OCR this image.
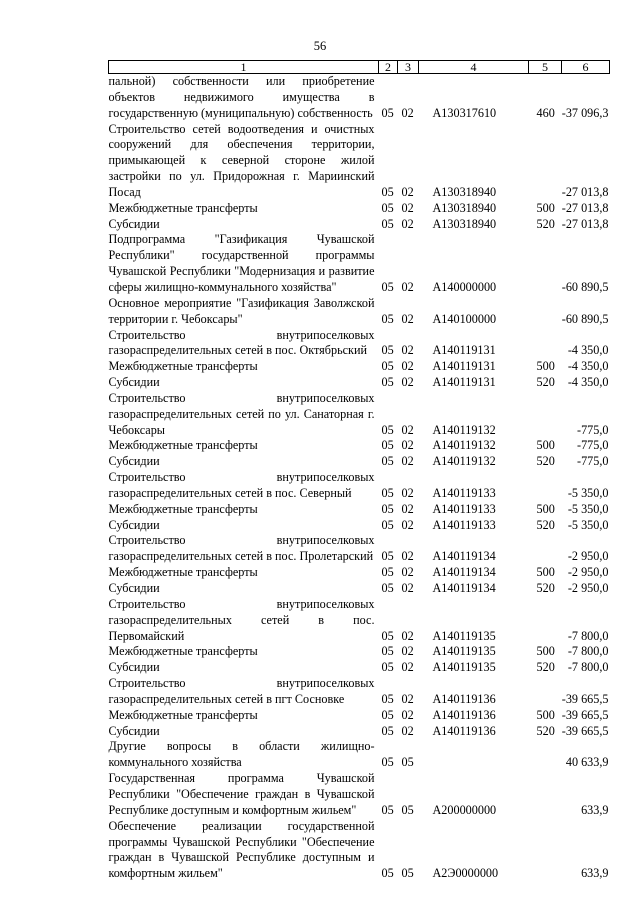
56
1	2	3	4	5	6
пальной) собственности или приобретение объектов недвижимого имущества в государственную (муниципальную) собственность	05	02	А130317610	460	-37 096,3
Строительство сетей водоотведения и очистных сооружений для обеспечения территории, примыкающей к северной стороне жилой застройки по ул. Придорожная г. Мариинский Посад	05	02	А130318940		-27 013,8
Межбюджетные трансферты	05	02	А130318940	500	-27 013,8
Субсидии	05	02	А130318940	520	-27 013,8
Подпрограмма "Газификация Чувашской Республики" государственной программы Чувашской Республики "Модернизация и развитие сферы жилищно-коммунального хозяйства"	05	02	А140000000		-60 890,5
Основное мероприятие "Газификация Заволжской территории г. Чебоксары"	05	02	А140100000		-60 890,5
Строительство внутрипоселковых газораспределительных сетей в пос. Октябрьский	05	02	А140119131		-4 350,0
Межбюджетные трансферты	05	02	А140119131	500	-4 350,0
Субсидии	05	02	А140119131	520	-4 350,0
Строительство внутрипоселковых газораспределительных сетей по ул. Санаторная г. Чебоксары	05	02	А140119132		-775,0
Межбюджетные трансферты	05	02	А140119132	500	-775,0
Субсидии	05	02	А140119132	520	-775,0
Строительство внутрипоселковых газораспределительных сетей в пос. Северный	05	02	А140119133		-5 350,0
Межбюджетные трансферты	05	02	А140119133	500	-5 350,0
Субсидии	05	02	А140119133	520	-5 350,0
Строительство внутрипоселковых газораспределительных сетей в пос. Пролетарский	05	02	А140119134		-2 950,0
Межбюджетные трансферты	05	02	А140119134	500	-2 950,0
Субсидии	05	02	А140119134	520	-2 950,0
Строительство внутрипоселковых газораспределительных сетей в пос. Первомайский	05	02	А140119135		-7 800,0
Межбюджетные трансферты	05	02	А140119135	500	-7 800,0
Субсидии	05	02	А140119135	520	-7 800,0
Строительство внутрипоселковых газораспределительных сетей в пгт Сосновке	05	02	А140119136		-39 665,5
Межбюджетные трансферты	05	02	А140119136	500	-39 665,5
Субсидии	05	02	А140119136	520	-39 665,5
Другие вопросы в области жилищно-коммунального хозяйства	05	05			40 633,9
Государственная программа Чувашской Республики "Обеспечение граждан в Чувашской Республике доступным и комфортным жильем"	05	05	А200000000		633,9
Обеспечение реализации государственной программы Чувашской Республики "Обеспечение граждан в Чувашской Республике доступным и комфортным жильем"	05	05	А2Э0000000		633,9
